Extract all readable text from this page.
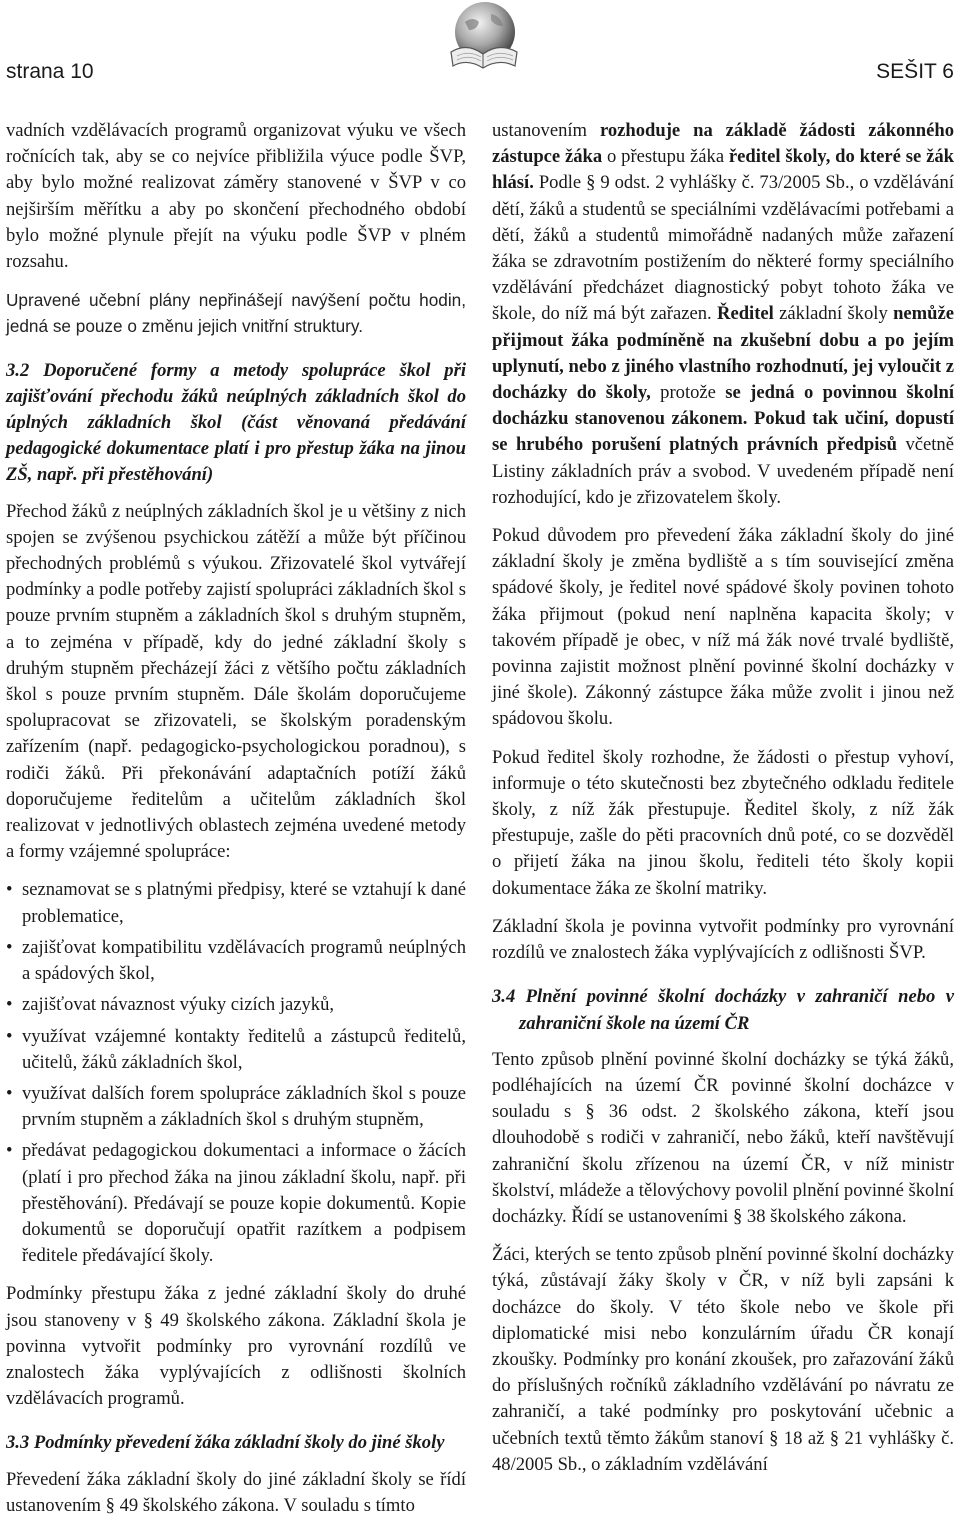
strana 10	SEŠIT 6

vadních vzdělávacích programů organizovat výuku ve všech ročnících tak, aby se co nejvíce přibližila výuce podle ŠVP, aby bylo možné realizovat záměry stanovené v ŠVP v co nejširším měřítku a aby po skončení přechodného období bylo možné plynule přejít na výuku podle ŠVP v plném rozsahu.

Upravené učební plány nepřinášejí navýšení počtu hodin, jedná se pouze o změnu jejich vnitřní struktury.

3.2 Doporučené formy a metody spolupráce škol při zajišťování přechodu žáků neúplných základních škol do úplných základních škol (část věnovaná předávání pedagogické dokumentace platí i pro přestup žáka na jinou ZŠ, např. při přestěhování)

Přechod žáků z neúplných základních škol je u většiny z nich spojen se zvýšenou psychickou zátěží a může být příčinou přechodných problémů s výukou. Zřizovatelé škol vytvářejí podmínky a podle potřeby zajistí spolupráci základních škol s pouze prvním stupněm a základních škol s druhým stupněm, a to zejména v případě, kdy do jedné základní školy s druhým stupněm přecházejí žáci z většího počtu základních škol s pouze prvním stupněm. Dále školám doporučujeme spolupracovat se zřizovateli, se školským poradenským zařízením (např. pedagogicko-psychologickou poradnou), s rodiči žáků. Při překonávání adaptačních potíží žáků doporučujeme ředitelům a učitelům základních škol realizovat v jednotlivých oblastech zejména uvedené metody a formy vzájemné spolupráce:

• seznamovat se s platnými předpisy, které se vztahují k dané problematice,
• zajišťovat kompatibilitu vzdělávacích programů neúplných a spádových škol,
• zajišťovat návaznost výuky cizích jazyků,
• využívat vzájemné kontakty ředitelů a zástupců ředitelů, učitelů, žáků základních škol,
• využívat dalších forem spolupráce základních škol s pouze prvním stupněm a základních škol s druhým stupněm,
• předávat pedagogickou dokumentaci a informace o žácích (platí i pro přechod žáka na jinou základní školu, např. při přestěhování). Předávají se pouze kopie dokumentů. Kopie dokumentů se doporučují opatřit razítkem a podpisem ředitele předávající školy.

Podmínky přestupu žáka z jedné základní školy do druhé jsou stanoveny v § 49 školského zákona. Základní škola je povinna vytvořit podmínky pro vyrovnání rozdílů ve znalostech žáka vyplývajících z odlišnosti školních vzdělávacích programů.

3.3 Podmínky převedení žáka základní školy do jiné školy

Převedení žáka základní školy do jiné základní školy se řídí ustanovením § 49 školského zákona. V souladu s tímto

ustanovením rozhoduje na základě žádosti zákonného zástupce žáka o přestupu žáka ředitel školy, do které se žák hlásí. Podle § 9 odst. 2 vyhlášky č. 73/2005 Sb., o vzdělávání dětí, žáků a studentů se speciálními vzdělávacími potřebami a dětí, žáků a studentů mimořádně nadaných může zařazení žáka se zdravotním postižením do některé formy speciálního vzdělávání předcházet diagnostický pobyt tohoto žáka ve škole, do níž má být zařazen. Ředitel základní školy nemůže přijmout žáka podmíněně na zkušební dobu a po jejím uplynutí, nebo z jiného vlastního rozhodnutí, jej vyloučit z docházky do školy, protože se jedná o povinnou školní docházku stanovenou zákonem. Pokud tak učiní, dopustí se hrubého porušení platných právních předpisů včetně Listiny základních práv a svobod. V uvedeném případě není rozhodující, kdo je zřizovatelem školy.

Pokud důvodem pro převedení žáka základní školy do jiné základní školy je změna bydliště a s tím související změna spádové školy, je ředitel nové spádové školy povinen tohoto žáka přijmout (pokud není naplněna kapacita školy; v takovém případě je obec, v níž má žák nové trvalé bydliště, povinna zajistit možnost plnění povinné školní docházky v jiné škole). Zákonný zástupce žáka může zvolit i jinou než spádovou školu.

Pokud ředitel školy rozhodne, že žádosti o přestup vyhoví, informuje o této skutečnosti bez zbytečného odkladu ředitele školy, z níž žák přestupuje. Ředitel školy, z níž žák přestupuje, zašle do pěti pracovních dnů poté, co se dozvěděl o přijetí žáka na jinou školu, řediteli této školy kopii dokumentace žáka ze školní matriky.

Základní škola je povinna vytvořit podmínky pro vyrovnání rozdílů ve znalostech žáka vyplývajících z odlišnosti ŠVP.

3.4 Plnění povinné školní docházky v zahraničí nebo v zahraniční škole na území ČR

Tento způsob plnění povinné školní docházky se týká žáků, podléhajících na území ČR povinné školní docházce v souladu s § 36 odst. 2 školského zákona, kteří jsou dlouhodobě s rodiči v zahraničí, nebo žáků, kteří navštěvují zahraniční školu zřízenou na území ČR, v níž ministr školství, mládeže a tělovýchovy povolil plnění povinné školní docházky. Řídí se ustanoveními § 38 školského zákona.

Žáci, kterých se tento způsob plnění povinné školní docházky týká, zůstávají žáky školy v ČR, v níž byli zapsáni k docházce do školy. V této škole nebo ve škole při diplomatické misi nebo konzulárním úřadu ČR konají zkoušky. Podmínky pro konání zkoušek, pro zařazování žáků do příslušných ročníků základního vzdělávání po návratu ze zahraničí, a také podmínky pro poskytování učebnic a učebních textů těmto žákům stanoví § 18 až § 21 vyhlášky č. 48/2005 Sb., o základním vzdělávání
